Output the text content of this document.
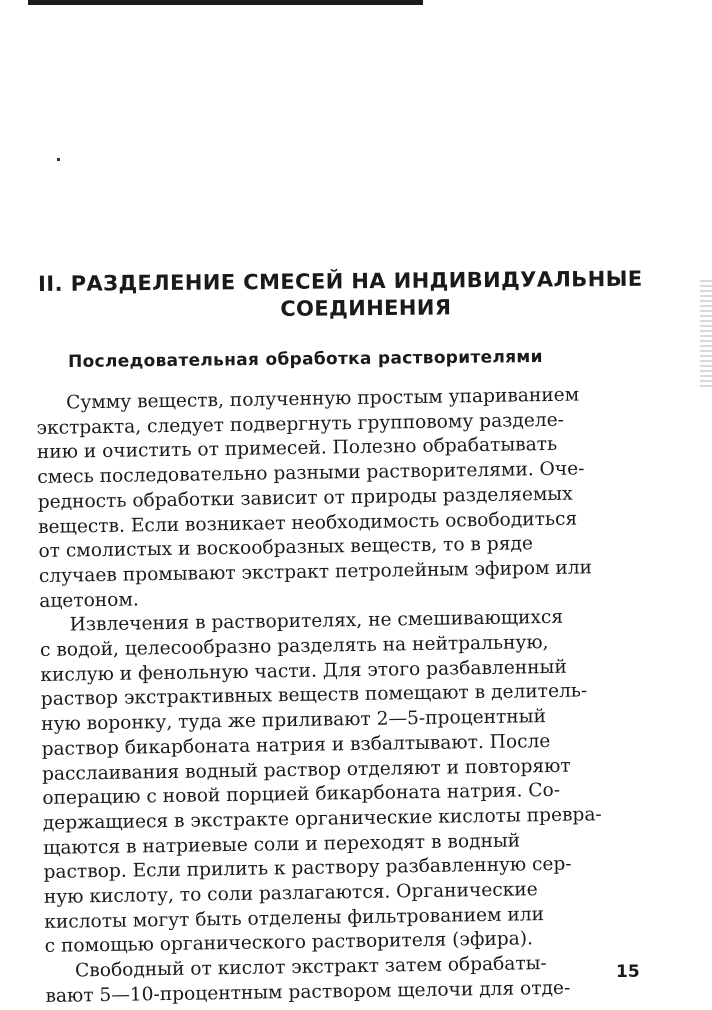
II. РАЗДЕЛЕНИЕ СМЕСЕЙ НА ИНДИВИДУАЛЬНЫЕ
СОЕДИНЕНИЯ
Последовательная обработка растворителями
Сумму веществ, полученную простым упариванием
экстракта, следует подвергнуть групповому разделе-
нию и очистить от примесей. Полезно обрабатывать
смесь последовательно разными растворителями. Оче-
редность обработки зависит от природы разделяемых
веществ. Если возникает необходимость освободиться
от смолистых и воскообразных веществ, то в ряде
случаев промывают экстракт петролейным эфиром или
ацетоном.
Извлечения в растворителях, не смешивающихся
с водой, целесообразно разделять на нейтральную,
кислую и фенольную части. Для этого разбавленный
раствор экстрактивных веществ помещают в делитель-
ную воронку, туда же приливают 2—5-процентный
раствор бикарбоната натрия и взбалтывают. После
расслаивания водный раствор отделяют и повторяют
операцию с новой порцией бикарбоната натрия. Со-
держащиеся в экстракте органические кислоты превра-
щаются в натриевые соли и переходят в водный
раствор. Если прилить к раствору разбавленную сер-
ную кислоту, то соли разлагаются. Органические
кислоты могут быть отделены фильтрованием или
с помощью органического растворителя (эфира).
Свободный от кислот экстракт затем обрабаты-
вают 5—10-процентным раствором щелочи для отде-
15
